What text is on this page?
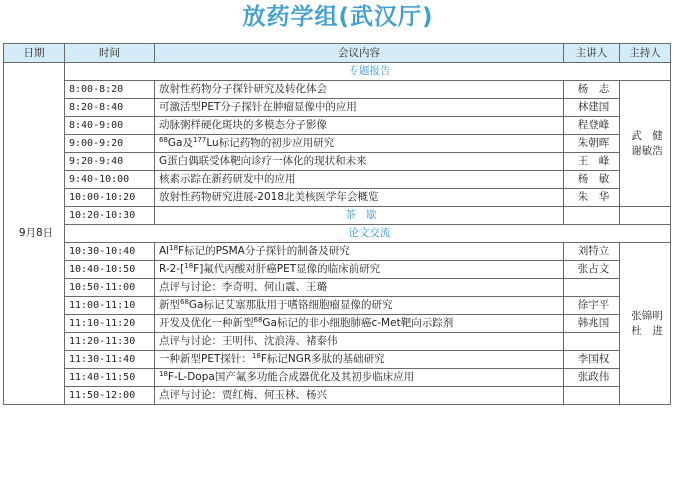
放药学组(武汉厅)
日期	时间	会议内容	主讲人	主持人
9月8日	专题报告			
	8:00-8:20	放射性药物分子探针研究及转化体会	杨　志	武　健
谢敏浩
	8:20-8:40	可激活型PET分子探针在肿瘤显像中的应用	林建国	
	8:40-9:00	动脉粥样硬化斑块的多模态分子影像	程登峰	
	9:00-9:20	$^{68}$Ga及$^{177}$Lu标记药物的初步应用研究	朱朝晖	
	9:20-9:40	G蛋白偶联受体靶向诊疗一体化的现状和未来	王　峰	
	9:40-10:00	核素示踪在新药研发中的应用	杨　敏	
	10:00-10:20	放射性药物研究进展-2018北美核医学年会概览	朱　华	
	10:20-10:30	茶　歇		
	论文交流			
	10:30-10:40	Al$^{18}$F标记的PSMA分子探针的制备及研究	刘特立	张锦明
杜　进
	10:40-10:50	R-2-[$^{18}$F]氟代丙酸对肝癌PET显像的临床前研究	张占文	
	10:50-11:00	点评与讨论：李奇明、何山震、王璐		
	11:00-11:10	新型$^{68}$Ga标记艾塞那肽用于嗜铬细胞瘤显像的研究	徐宇平	
	11:10-11:20	开发及优化一种新型$^{68}$Ga标记的非小细胞肺癌c-Met靶向示踪剂	韩兆国	
	11:20-11:30	点评与讨论：王明伟、沈浪涛、褚泰伟		
	11:30-11:40	一种新型PET探针：$^{18}$F标记NGR多肽的基础研究	李国权	
	11:40-11:50	$^{18}$F-L-Dopa国产氟多功能合成器优化及其初步临床应用	张政伟	
	11:50-12:00	点评与讨论：贾红梅、何玉林、杨兴		
